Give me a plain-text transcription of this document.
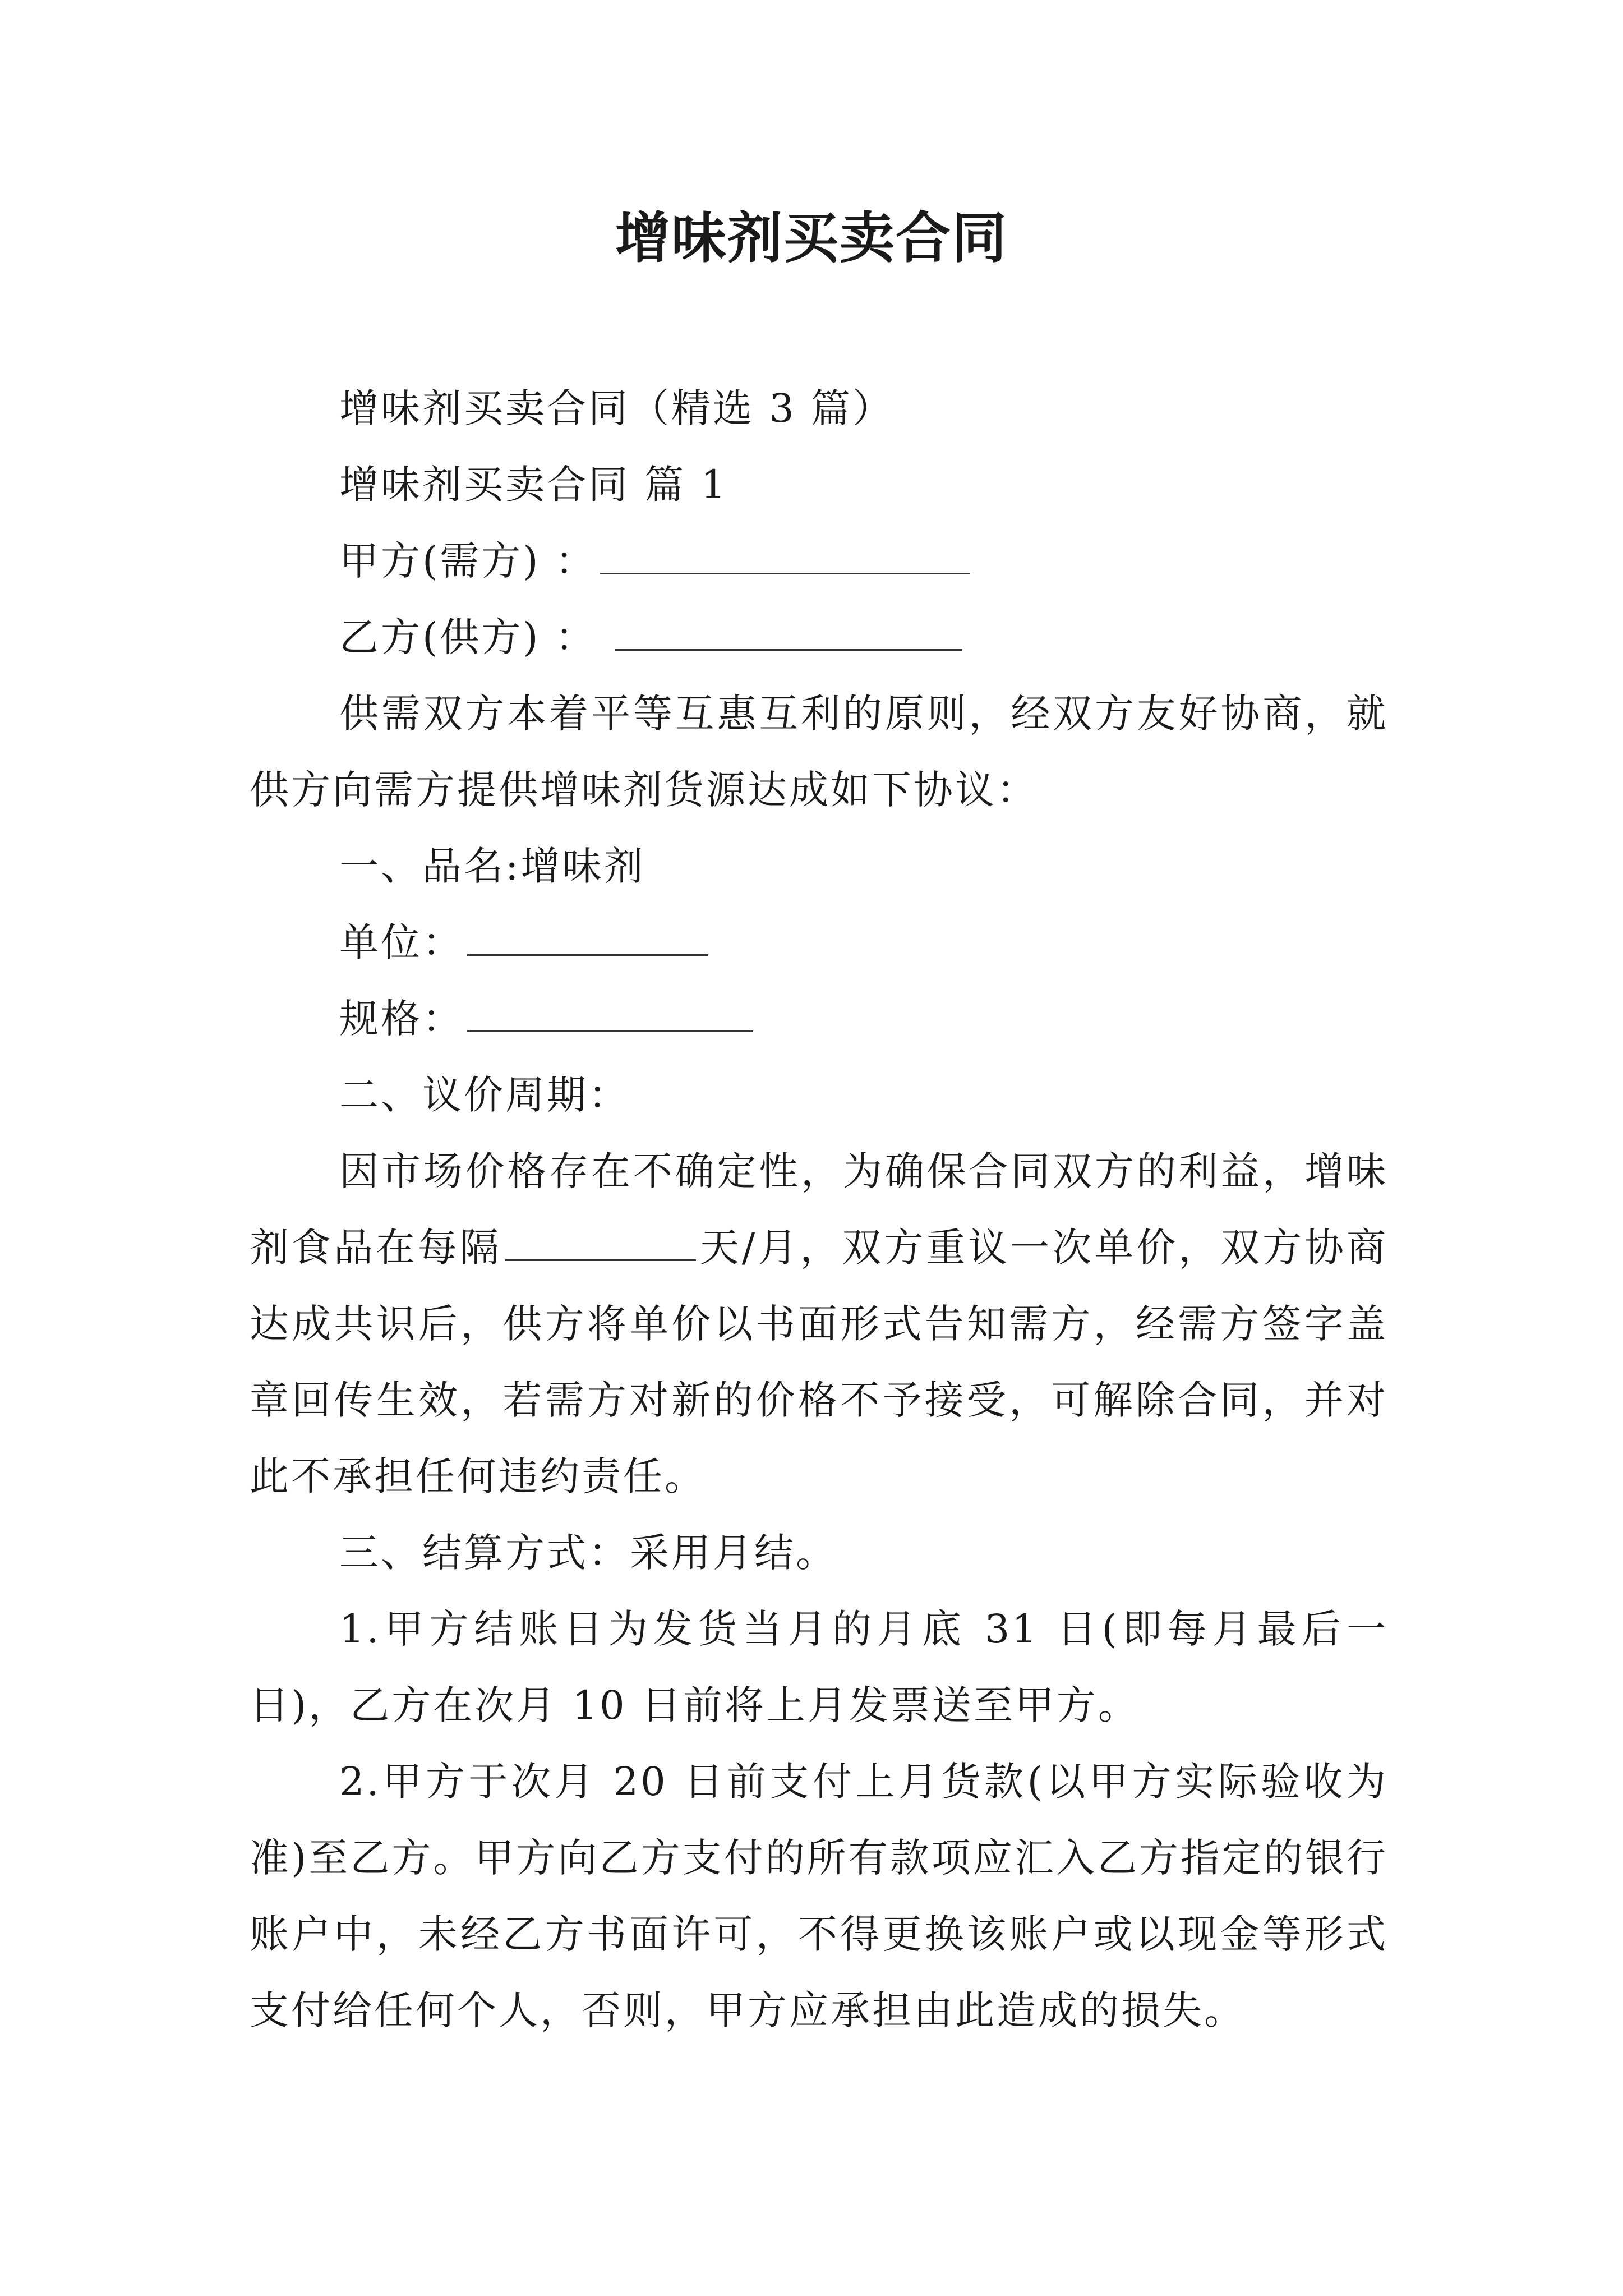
增味剂买卖合同

增味剂买卖合同（精选 3 篇）

增味剂买卖合同 篇 1

甲方(需方) ：

乙方(供方) ：

供需双方本着平等互惠互利的原则，经双方友好协商，就供方向需方提供增味剂货源达成如下协议：

一、品名:增味剂

单位：

规格：

二、议价周期：

因市场价格存在不确定性，为确保合同双方的利益，增味剂食品在每隔	天/月，双方重议一次单价，双方协商达成共识后，供方将单价以书面形式告知需方，经需方签字盖章回传生效，若需方对新的价格不予接受，可解除合同，并对此不承担任何违约责任。

三、结算方式：采用月结。

1.甲方结账日为发货当月的月底 31 日(即每月最后一日)，乙方在次月 10 日前将上月发票送至甲方。

2.甲方于次月 20 日前支付上月货款(以甲方实际验收为准)至乙方。甲方向乙方支付的所有款项应汇入乙方指定的银行账户中，未经乙方书面许可，不得更换该账户或以现金等形式支付给任何个人，否则，甲方应承担由此造成的损失。
